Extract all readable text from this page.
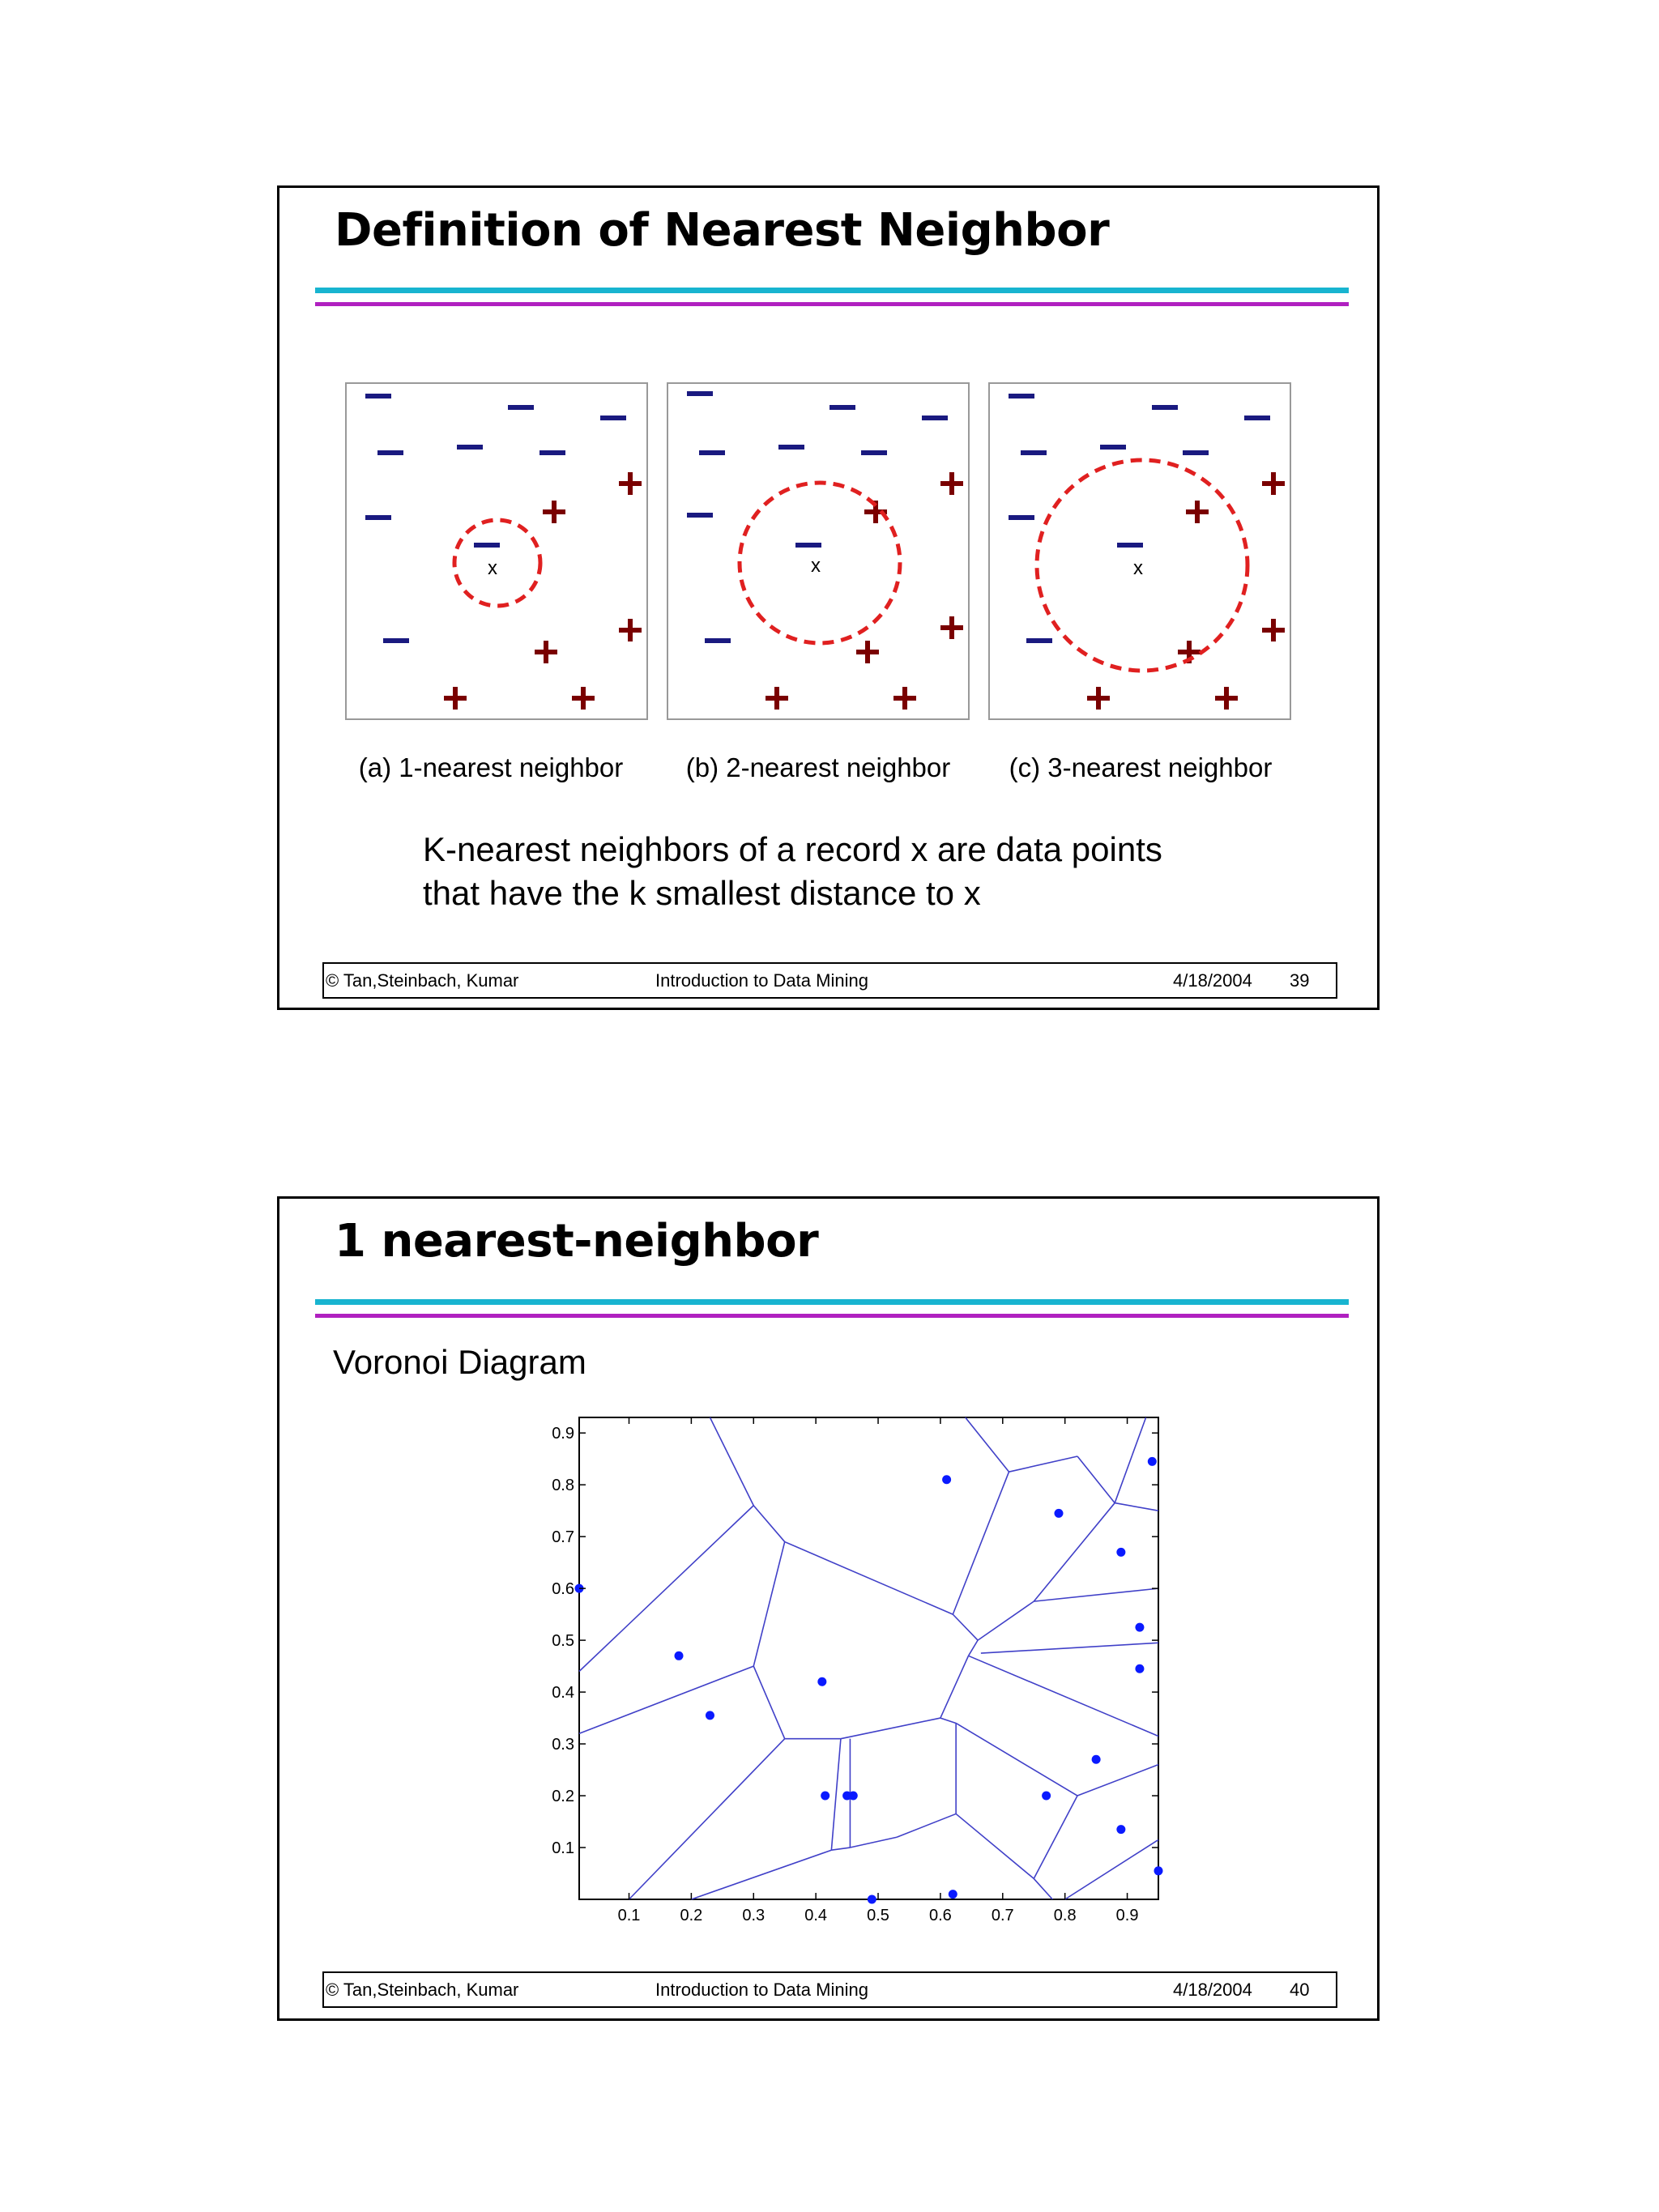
Definition of Nearest Neighbor
x
(a) 1-nearest neighbor
x
(b) 2-nearest neighbor
x
(c) 3-nearest neighbor

K-nearest neighbors of a record x are data points

that have the k smallest distance to x

© Tan,Steinbach, Kumar	Introduction to Data Mining	4/18/2004 39
1 nearest-neighbor

Voronoi Diagram

0.1 0.2 0.3 0.4 0.5 0.6 0.7 0.8 0.9
0.1
0.2
0.3
0.4
0.5
0.6
0.7
0.8
0.9
© Tan,Steinbach, Kumar	Introduction to Data Mining	4/18/2004 40
